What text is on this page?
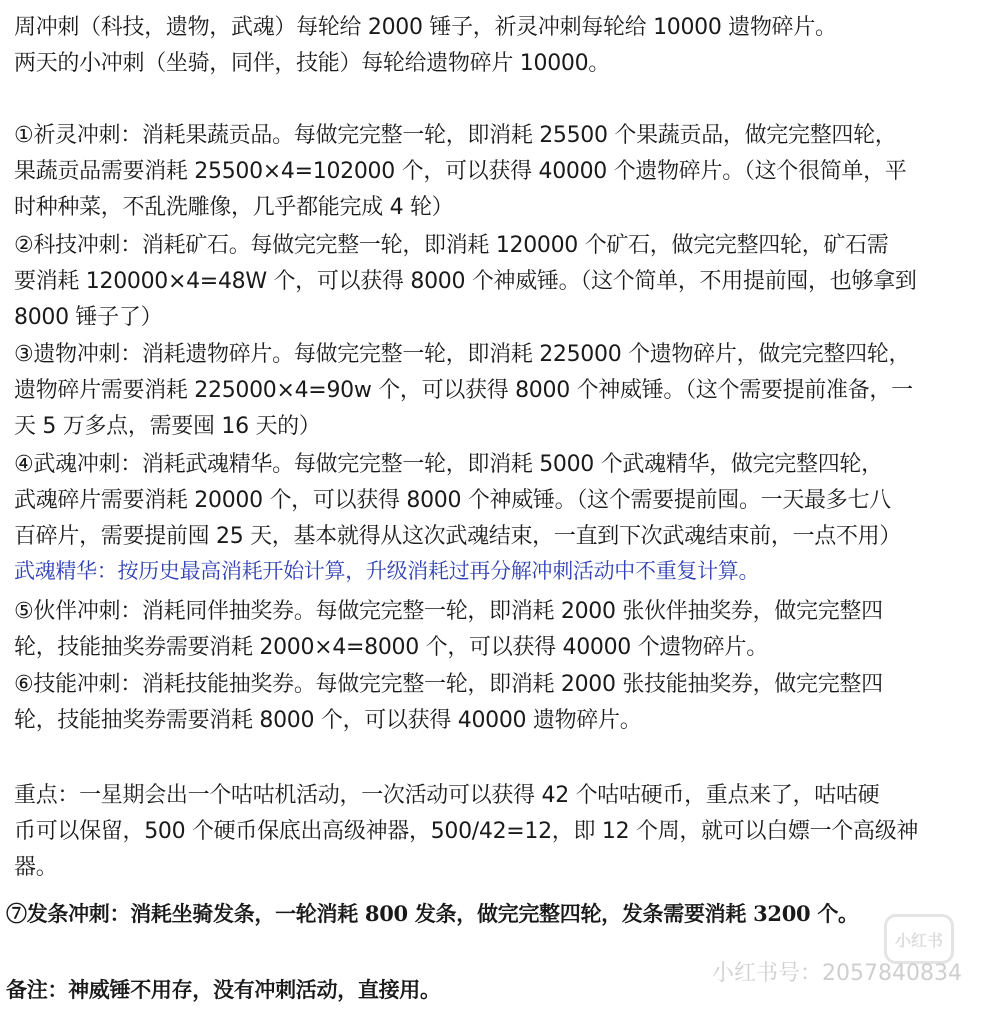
周冲刺（科技，遗物，武魂）每轮给 2000 锤子，祈灵冲刺每轮给 10000 遗物碎片。
两天的小冲刺（坐骑，同伴，技能）每轮给遗物碎片 10000。
①祈灵冲刺：消耗果蔬贡品。每做完完整一轮，即消耗 25500 个果蔬贡品，做完完整四轮，
果蔬贡品需要消耗 25500×4=102000 个，可以获得 40000 个遗物碎片。（这个很简单，平
时种种菜，不乱洗雕像，几乎都能完成 4 轮）
②科技冲刺：消耗矿石。每做完完整一轮，即消耗 120000 个矿石，做完完整四轮，矿石需
要消耗 120000×4=48W 个，可以获得 8000 个神威锤。（这个简单，不用提前囤，也够拿到
8000 锤子了）
③遗物冲刺：消耗遗物碎片。每做完完整一轮，即消耗 225000 个遗物碎片，做完完整四轮，
遗物碎片需要消耗 225000×4=90w 个，可以获得 8000 个神威锤。（这个需要提前准备，一
天 5 万多点，需要囤 16 天的）
④武魂冲刺：消耗武魂精华。每做完完整一轮，即消耗 5000 个武魂精华，做完完整四轮，
武魂碎片需要消耗 20000 个，可以获得 8000 个神威锤。（这个需要提前囤。一天最多七八
百碎片，需要提前囤 25 天，基本就得从这次武魂结束，一直到下次武魂结束前，一点不用）
武魂精华：按历史最高消耗开始计算，升级消耗过再分解冲刺活动中不重复计算。
⑤伙伴冲刺：消耗同伴抽奖券。每做完完整一轮，即消耗 2000 张伙伴抽奖券，做完完整四
轮，技能抽奖券需要消耗 2000×4=8000 个，可以获得 40000 个遗物碎片。
⑥技能冲刺：消耗技能抽奖券。每做完完整一轮，即消耗 2000 张技能抽奖券，做完完整四
轮，技能抽奖券需要消耗 8000 个，可以获得 40000 遗物碎片。
重点：一星期会出一个咕咕机活动，一次活动可以获得 42 个咕咕硬币，重点来了，咕咕硬
币可以保留，500 个硬币保底出高级神器，500/42=12，即 12 个周，就可以白嫖一个高级神
器。
⑦发条冲刺：消耗坐骑发条，一轮消耗 800 发条，做完完整四轮，发条需要消耗 3200 个。
备注：神威锤不用存，没有冲刺活动，直接用。
小红书
小红书号：2057840834
